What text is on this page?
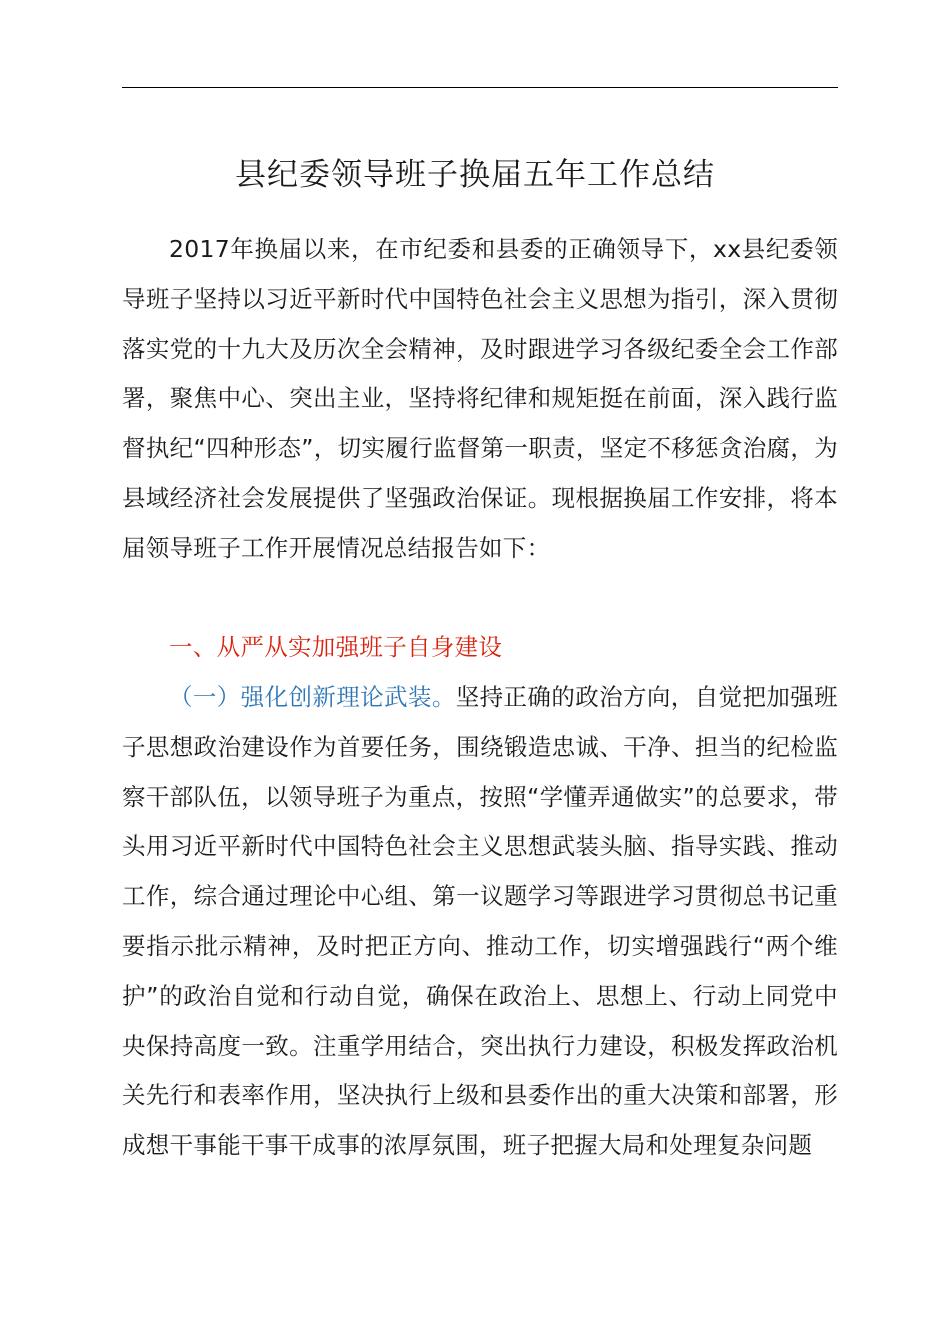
县纪委领导班子换届五年工作总结

2017年换届以来，在市纪委和县委的正确领导下，xx县纪委领导班子坚持以习近平新时代中国特色社会主义思想为指引，深入贯彻落实党的十九大及历次全会精神，及时跟进学习各级纪委全会工作部署，聚焦中心、突出主业，坚持将纪律和规矩挺在前面，深入践行监督执纪“四种形态”，切实履行监督第一职责，坚定不移惩贪治腐，为县域经济社会发展提供了坚强政治保证。现根据换届工作安排，将本届领导班子工作开展情况总结报告如下：

一、从严从实加强班子自身建设

（一）强化创新理论武装。坚持正确的政治方向，自觉把加强班子思想政治建设作为首要任务，围绕锻造忠诚、干净、担当的纪检监察干部队伍，以领导班子为重点，按照“学懂弄通做实”的总要求，带头用习近平新时代中国特色社会主义思想武装头脑、指导实践、推动工作，综合通过理论中心组、第一议题学习等跟进学习贯彻总书记重要指示批示精神，及时把正方向、推动工作，切实增强践行“两个维护”的政治自觉和行动自觉，确保在政治上、思想上、行动上同党中央保持高度一致。注重学用结合，突出执行力建设，积极发挥政治机关先行和表率作用，坚决执行上级和县委作出的重大决策和部署，形成想干事能干事干成事的浓厚氛围，班子把握大局和处理复杂问题
